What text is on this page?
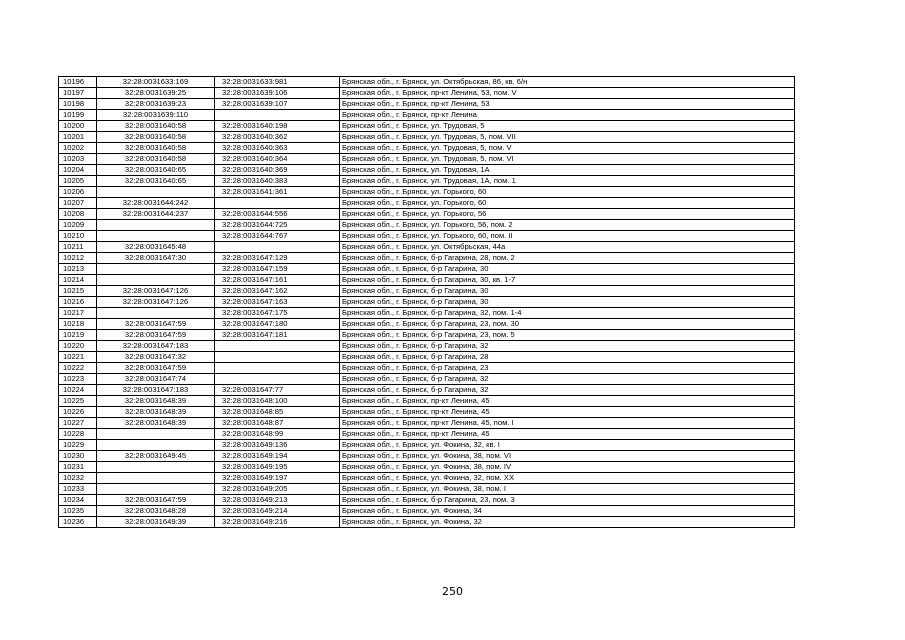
10196	32:28:0031633:169	32:28:0031633:981	Брянская обл., г. Брянск, ул. Октябрьская, 86, кв. 6/н
10197	32:28:0031639:25	32:28:0031639:106	Брянская обл., г. Брянск, пр-кт Ленина, 53, пом. V
10198	32:28:0031639:23	32:28:0031639:107	Брянская обл., г. Брянск, пр-кт Ленина, 53
10199	32:28:0031639:110		Брянская обл., г. Брянск, пр-кт Ленина
10200	32:28:0031640:58	32:28:0031640:198	Брянская обл., г. Брянск, ул. Трудовая, 5
10201	32:28:0031640:58	32:28:0031640:362	Брянская обл., г. Брянск, ул. Трудовая, 5, пом. VII
10202	32:28:0031640:58	32:28:0031640:363	Брянская обл., г. Брянск, ул. Трудовая, 5, пом. V
10203	32:28:0031640:58	32:28:0031640:364	Брянская обл., г. Брянск, ул. Трудовая, 5, пом. VI
10204	32:28:0031640:65	32:28:0031640:369	Брянская обл., г. Брянск, ул. Трудовая, 1А
10205	32:28:0031640:65	32:28:0031640:383	Брянская обл., г. Брянск, ул. Трудовая, 1А, пом. 1
10206		32:28:0031641:361	Брянская обл., г. Брянск, ул. Горького, 60
10207	32:28:0031644:242		Брянская обл., г. Брянск, ул. Горького, 60
10208	32:28:0031644:237	32:28:0031644:556	Брянская обл., г. Брянск, ул. Горького, 56
10209		32:28:0031644:725	Брянская обл., г. Брянск, ул. Горького, 56, пом. 2
10210		32:28:0031644:767	Брянская обл., г. Брянск, ул. Горького, 60, пом. II
10211	32:28:0031645:48		Брянская обл., г. Брянск, ул. Октябрьская, 44а
10212	32:28:0031647:30	32:28:0031647:129	Брянская обл., г. Брянск, б-р Гагарина, 28, пом. 2
10213		32:28:0031647:159	Брянская обл., г. Брянск, б-р Гагарина, 30
10214		32:28:0031647:161	Брянская обл., г. Брянск, б-р Гагарина, 30, кв. 1-7
10215	32:28:0031647:126	32:28:0031647:162	Брянская обл., г. Брянск, б-р Гагарина, 30
10216	32:28:0031647:126	32:28:0031647:163	Брянская обл., г. Брянск, б-р Гагарина, 30
10217		32:28:0031647:175	Брянская обл., г. Брянск, б-р Гагарина, 32, пом. 1-4
10218	32:28:0031647:59	32:28:0031647:180	Брянская обл., г. Брянск, б-р Гагарина, 23, пом. 30
10219	32:28:0031647:59	32:28:0031647:181	Брянская обл., г. Брянск, б-р Гагарина, 23, пом. 5
10220	32:28:0031647:183		Брянская обл., г. Брянск, б-р Гагарина, 32
10221	32:28:0031647:32		Брянская обл., г. Брянск, б-р Гагарина, 28
10222	32:28:0031647:59		Брянская обл., г. Брянск, б-р Гагарина, 23
10223	32:28:0031647:74		Брянская обл., г. Брянск, б-р Гагарина, 32
10224	32:28:0031647:183	32:28:0031647:77	Брянская обл., г. Брянск, б-р Гагарина, 32
10225	32:28:0031648:39	32:28:0031648:100	Брянская обл., г. Брянск, пр-кт Ленина, 45
10226	32:28:0031648:39	32:28:0031648:85	Брянская обл., г. Брянск, пр-кт Ленина, 45
10227	32:28:0031648:39	32:28:0031648:87	Брянская обл., г. Брянск, пр-кт Ленина, 45, пом. I
10228		32:28:0031648:99	Брянская обл., г. Брянск, пр-кт Ленина, 45
10229		32:28:0031649:136	Брянская обл., г. Брянск, ул. Фокина, 32, кв. I
10230	32:28:0031649:45	32:28:0031649:194	Брянская обл., г. Брянск, ул. Фокина, 38, пом. VI
10231		32:28:0031649:195	Брянская обл., г. Брянск, ул. Фокина, 38, пом. IV
10232		32:28:0031649:197	Брянская обл., г. Брянск, ул. Фокина, 32, пом. XX
10233		32:28:0031649:205	Брянская обл., г. Брянск, ул. Фокина, 38, пом. I
10234	32:28:0031647:59	32:28:0031649:213	Брянская обл., г. Брянск, б-р Гагарина, 23, пом. 3
10235	32:28:0031648:28	32:28:0031649:214	Брянская обл., г. Брянск, ул. Фокина, 34
10236	32:28:0031649:39	32:28:0031649:216	Брянская обл., г. Брянск, ул. Фокина, 32
250
